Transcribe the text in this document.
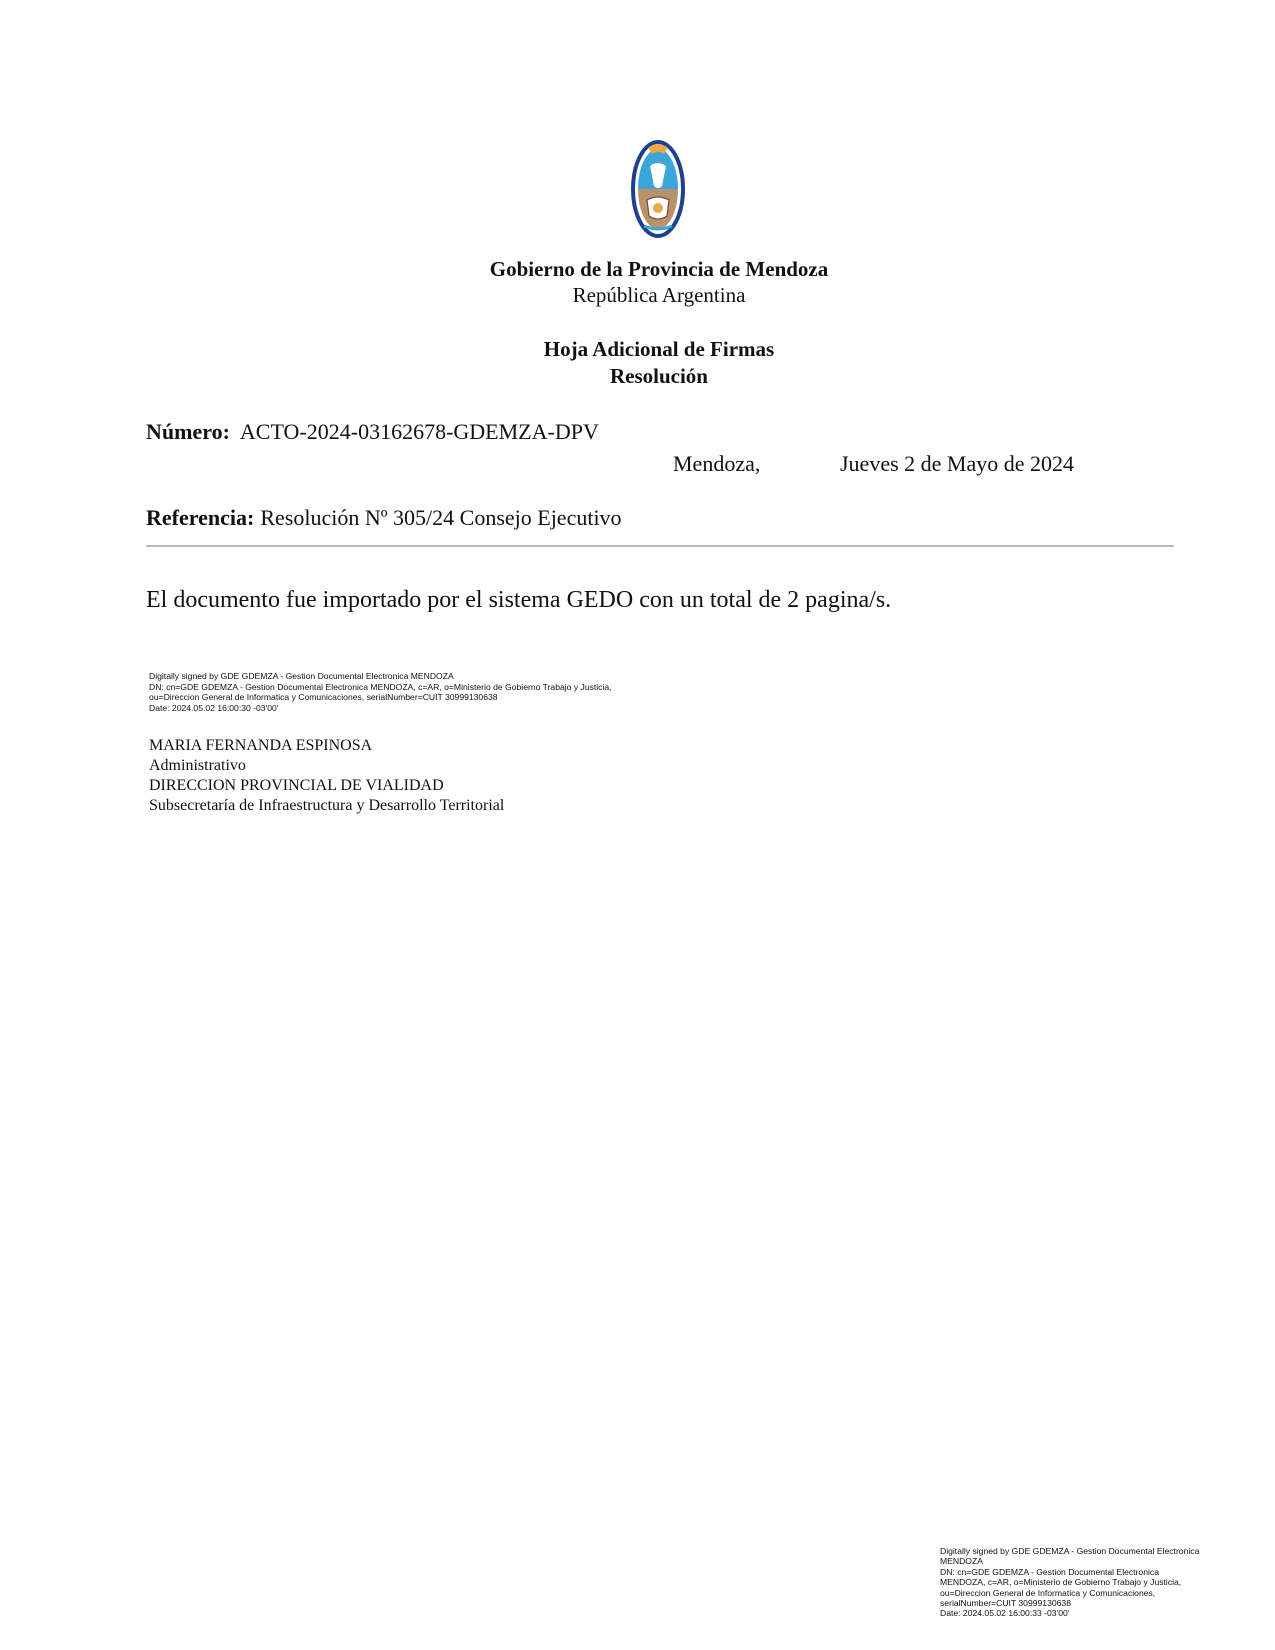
Gobierno de la Provincia de Mendoza
República Argentina
Hoja Adicional de Firmas
Resolución
Número: ACTO-2024-03162678-GDEMZA-DPV
Mendoza,	Jueves 2 de Mayo de 2024
Referencia: Resolución Nº 305/24 Consejo Ejecutivo
El documento fue importado por el sistema GEDO con un total de 2 pagina/s.
Digitally signed by GDE GDEMZA - Gestion Documental Electronica MENDOZA
DN: cn=GDE GDEMZA - Gestion Documental Electronica MENDOZA, c=AR, o=Ministerio de Gobierno Trabajo y Justicia,
ou=Direccion General de Informatica y Comunicaciones, serialNumber=CUIT 30999130638
Date: 2024.05.02 16:00:30 -03'00'
MARIA FERNANDA ESPINOSA
Administrativo
DIRECCION PROVINCIAL DE VIALIDAD
Subsecretaría de Infraestructura y Desarrollo Territorial
Digitally signed by GDE GDEMZA - Gestion Documental Electronica
MENDOZA
DN: cn=GDE GDEMZA - Gestion Documental Electronica
MENDOZA, c=AR, o=Ministerio de Gobierno Trabajo y Justicia,
ou=Direccion General de Informatica y Comunicaciones,
serialNumber=CUIT 30999130638
Date: 2024.05.02 16:00:33 -03'00'
